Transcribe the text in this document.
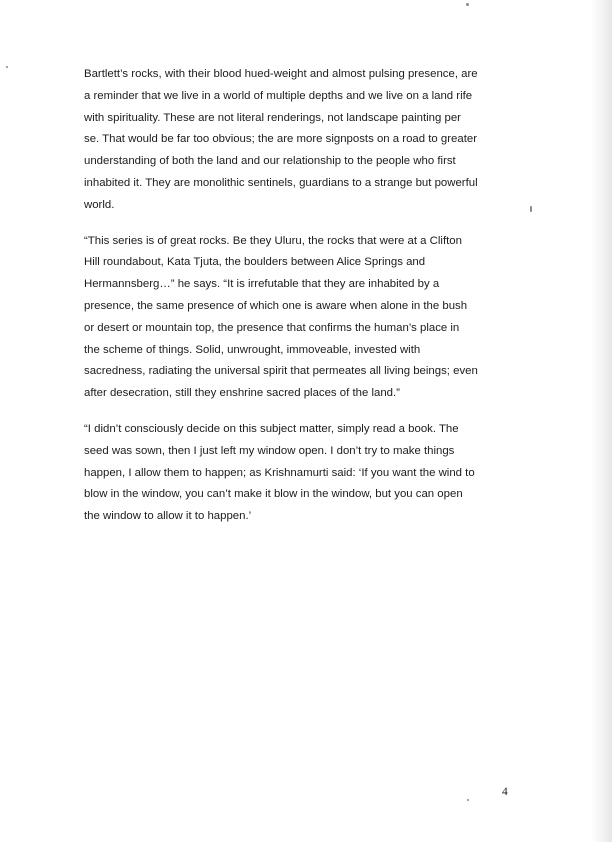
Bartlett’s rocks, with their blood hued-weight and almost pulsing presence, are
a reminder that we live in a world of multiple depths and we live on a land rife
with spirituality. These are not literal renderings, not landscape painting per
se. That would be far too obvious; the are more signposts on a road to greater
understanding of both the land and our relationship to the people who first
inhabited it. They are monolithic sentinels, guardians to a strange but powerful
world.

“This series is of great rocks. Be they Uluru, the rocks that were at a Clifton
Hill roundabout, Kata Tjuta, the boulders between Alice Springs and
Hermannsberg…” he says. “It is irrefutable that they are inhabited by a
presence, the same presence of which one is aware when alone in the bush
or desert or mountain top, the presence that confirms the human’s place in
the scheme of things. Solid, unwrought, immoveable, invested with
sacredness, radiating the universal spirit that permeates all living beings; even
after desecration, still they enshrine sacred places of the land.”

“I didn’t consciously decide on this subject matter, simply read a book. The
seed was sown, then I just left my window open. I don’t try to make things
happen, I allow them to happen; as Krishnamurti said: ‘If you want the wind to
blow in the window, you can’t make it blow in the window, but you can open
the window to allow it to happen.’

4
